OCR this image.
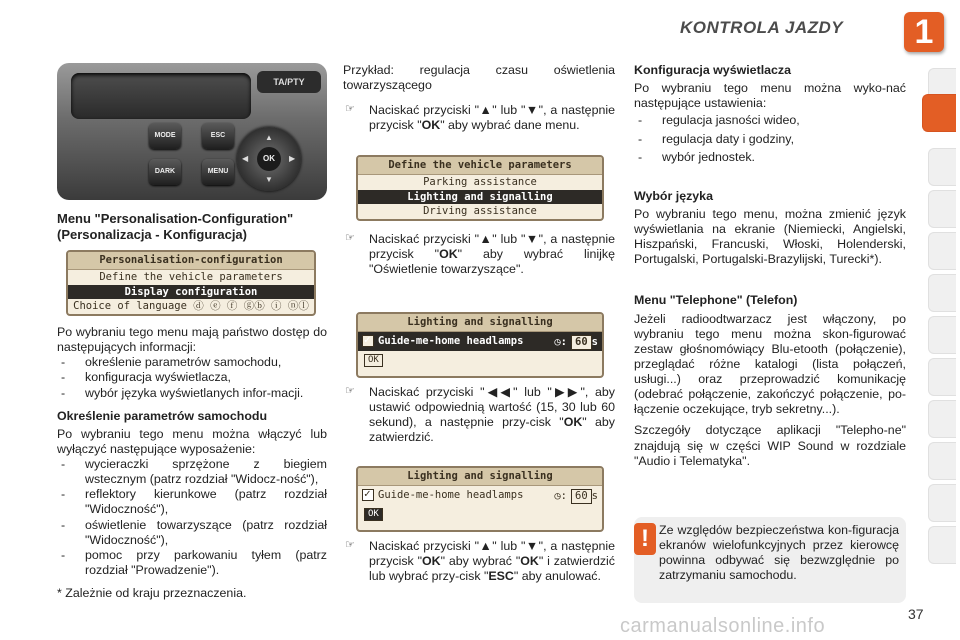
KONTROLA JAZDY	1
TA/PTY
MODE
DARK
ESC
MENU
▲
▼
◀	▶
OK
Menu "Personalisation-Configuration" (Personalizacja - Konfiguracja)
Personalisation-configuration
Define the vehicle parameters
Display configuration
Choice of language ⓓ ⓔ ⓕ ⓖⓑ ⓘ ⓝⓛ

Po wybraniu tego menu mają państwo dostęp do następujących informacji:

- określenie parametrów samochodu,
- konfiguracja wyświetlacza,
- wybór języka wyświetlanych infor-macji.
Określenie parametrów samochodu

Po wybraniu tego menu można włączyć lub wyłączyć następujące wyposażenie:

- wycieraczki sprzężone z biegiem wstecznym (patrz rozdział "Widocz-ność"),
- reflektory kierunkowe (patrz rozdział "Widoczność"),
- oświetlenie towarzyszące (patrz rozdział "Widoczność"),
- pomoc przy parkowaniu tyłem (patrz rozdział "Prowadzenie").

* Zależnie od kraju przeznaczenia.

Przykład: regulacja czasu oświetlenia towarzyszącego

☞ Naciskać przyciski "▲" lub "▼", a następnie przycisk "OK" aby wybrać dane menu.
Define the vehicle parameters
Parking assistance
Lighting and signalling
Driving assistance
☞ Naciskać przyciski "▲" lub "▼", a następnie przycisk "OK" aby wybrać linijkę "Oświetlenie towarzyszące".
Lighting and signalling
✓Guide-me-home headlamps	◷: 60 s
OK
☞ Naciskać przyciski "◀◀" lub "▶▶", aby ustawić odpowiednią wartość (15, 30 lub 60 sekund), a następnie przy-cisk "OK" aby zatwierdzić.
Lighting and signalling
✓Guide-me-home headlamps	◷: 60 s
OK
☞ Naciskać przyciski "▲" lub "▼", a następnie przycisk "OK" aby wybrać "OK" i zatwierdzić lub wybrać przy-cisk "ESC" aby anulować.
Konfiguracja wyświetlacza

Po wybraniu tego menu można wyko-nać następujące ustawienia:

- regulacja jasności wideo,
- regulacja daty i godziny,
- wybór jednostek.
Wybór języka

Po wybraniu tego menu, można zmienić język wyświetlania na ekranie (Niemiecki, Angielski, Hiszpański, Francuski, Włoski, Holenderski, Portugalski, Portugalski-Brazylijski, Turecki*).

Menu "Telephone" (Telefon)

Jeżeli radioodtwarzacz jest włączony, po wybraniu tego menu można skon-figurować zestaw głośnomówiący Blu-etooth (połączenie), przeglądać różne katalogi (lista połączeń, usługi...) oraz przeprowadzić komunikację (odebrać połączenie, zakończyć połączenie, po-łączenie oczekujące, tryb sekretny...).

Szczegóły dotyczące aplikacji "Telepho-ne" znajdują się w części WIP Sound w rozdziale "Audio i Telematyka".

! Ze względów bezpieczeństwa kon-figuracja ekranów wielofunkcyjnych przez kierowcę powinna odbywać się bezwzględnie po zatrzymaniu samochodu.
carmanualsonline.info
37
